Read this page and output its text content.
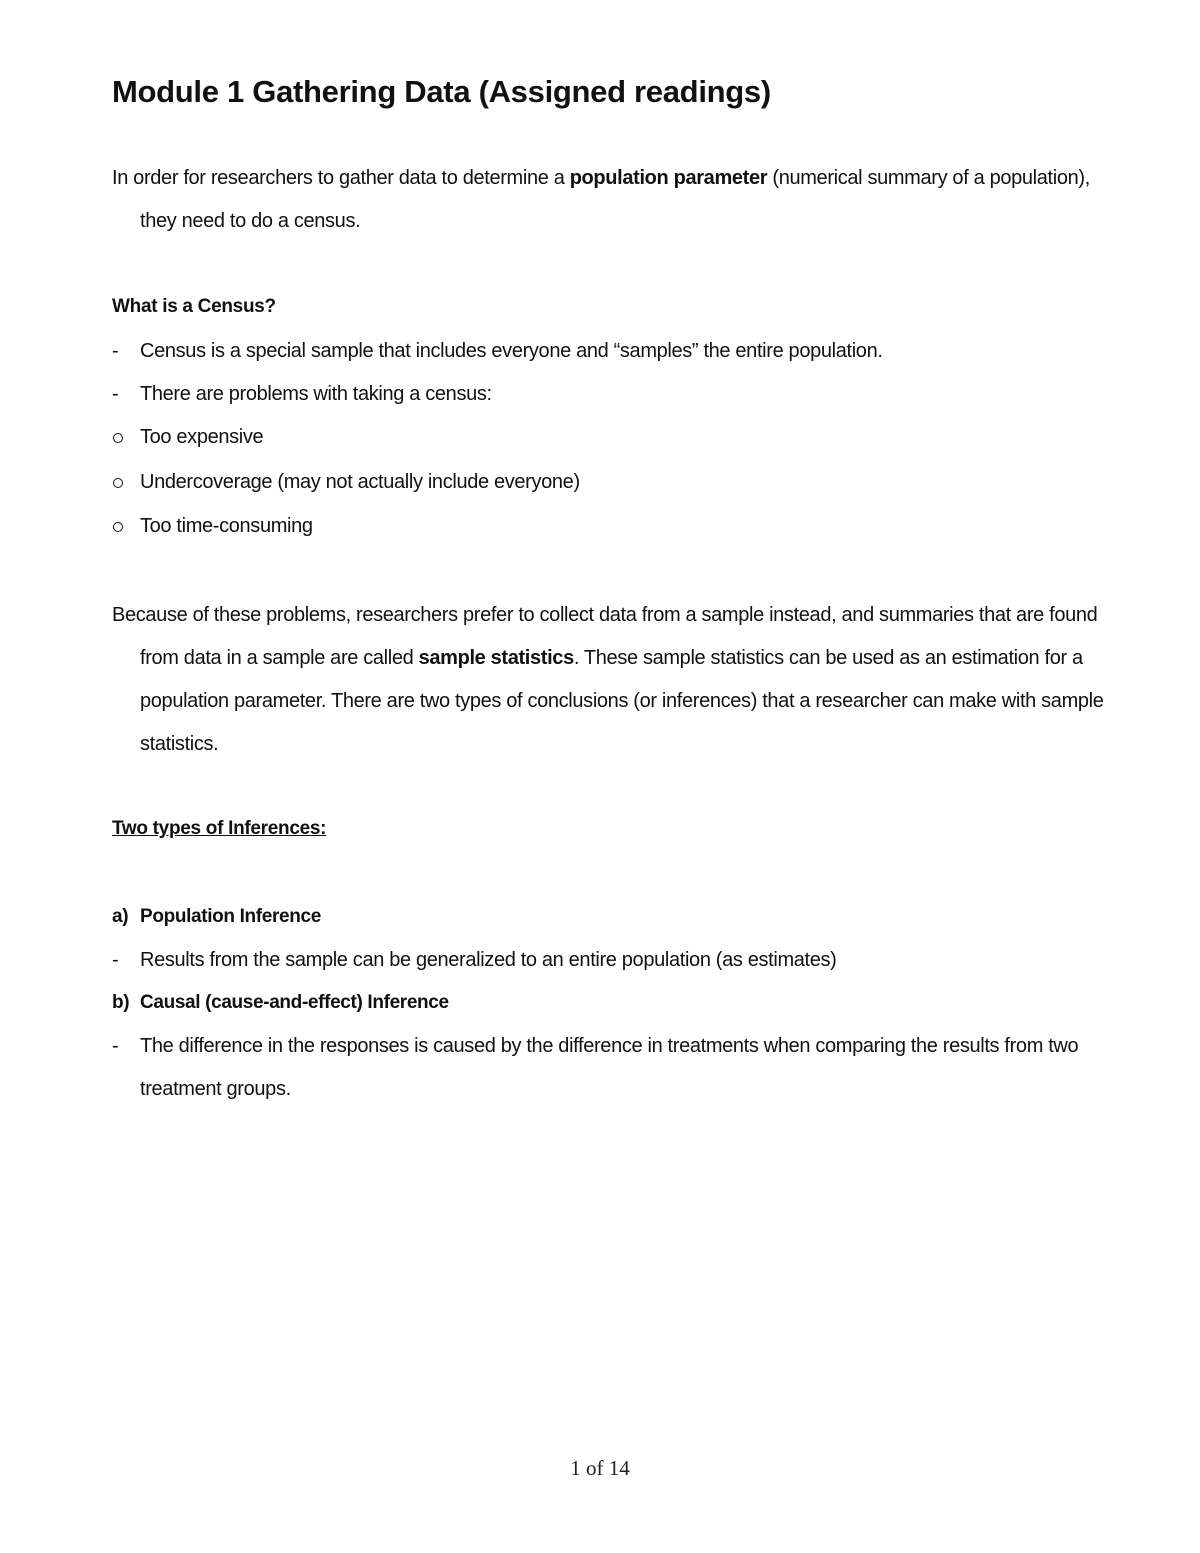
Module 1 Gathering Data (Assigned readings)

In order for researchers to gather data to determine a population parameter (numerical summary of a population), they need to do a census.

What is a Census?
-	Census is a special sample that includes everyone and “samples” the entire population.
-	There are problems with taking a census:
Too expensive
Undercoverage (may not actually include everyone)
Too time-consuming

Because of these problems, researchers prefer to collect data from a sample instead, and summaries that are found from data in a sample are called sample statistics. These sample statistics can be used as an estimation for a population parameter. There are two types of conclusions (or inferences) that a researcher can make with sample statistics.

Two types of Inferences:
a) Population Inference
-	Results from the sample can be generalized to an entire population (as estimates)
b) Causal (cause-and-effect) Inference
-	The difference in the responses is caused by the difference in treatments when comparing the results from two treatment groups.
1 of 14
